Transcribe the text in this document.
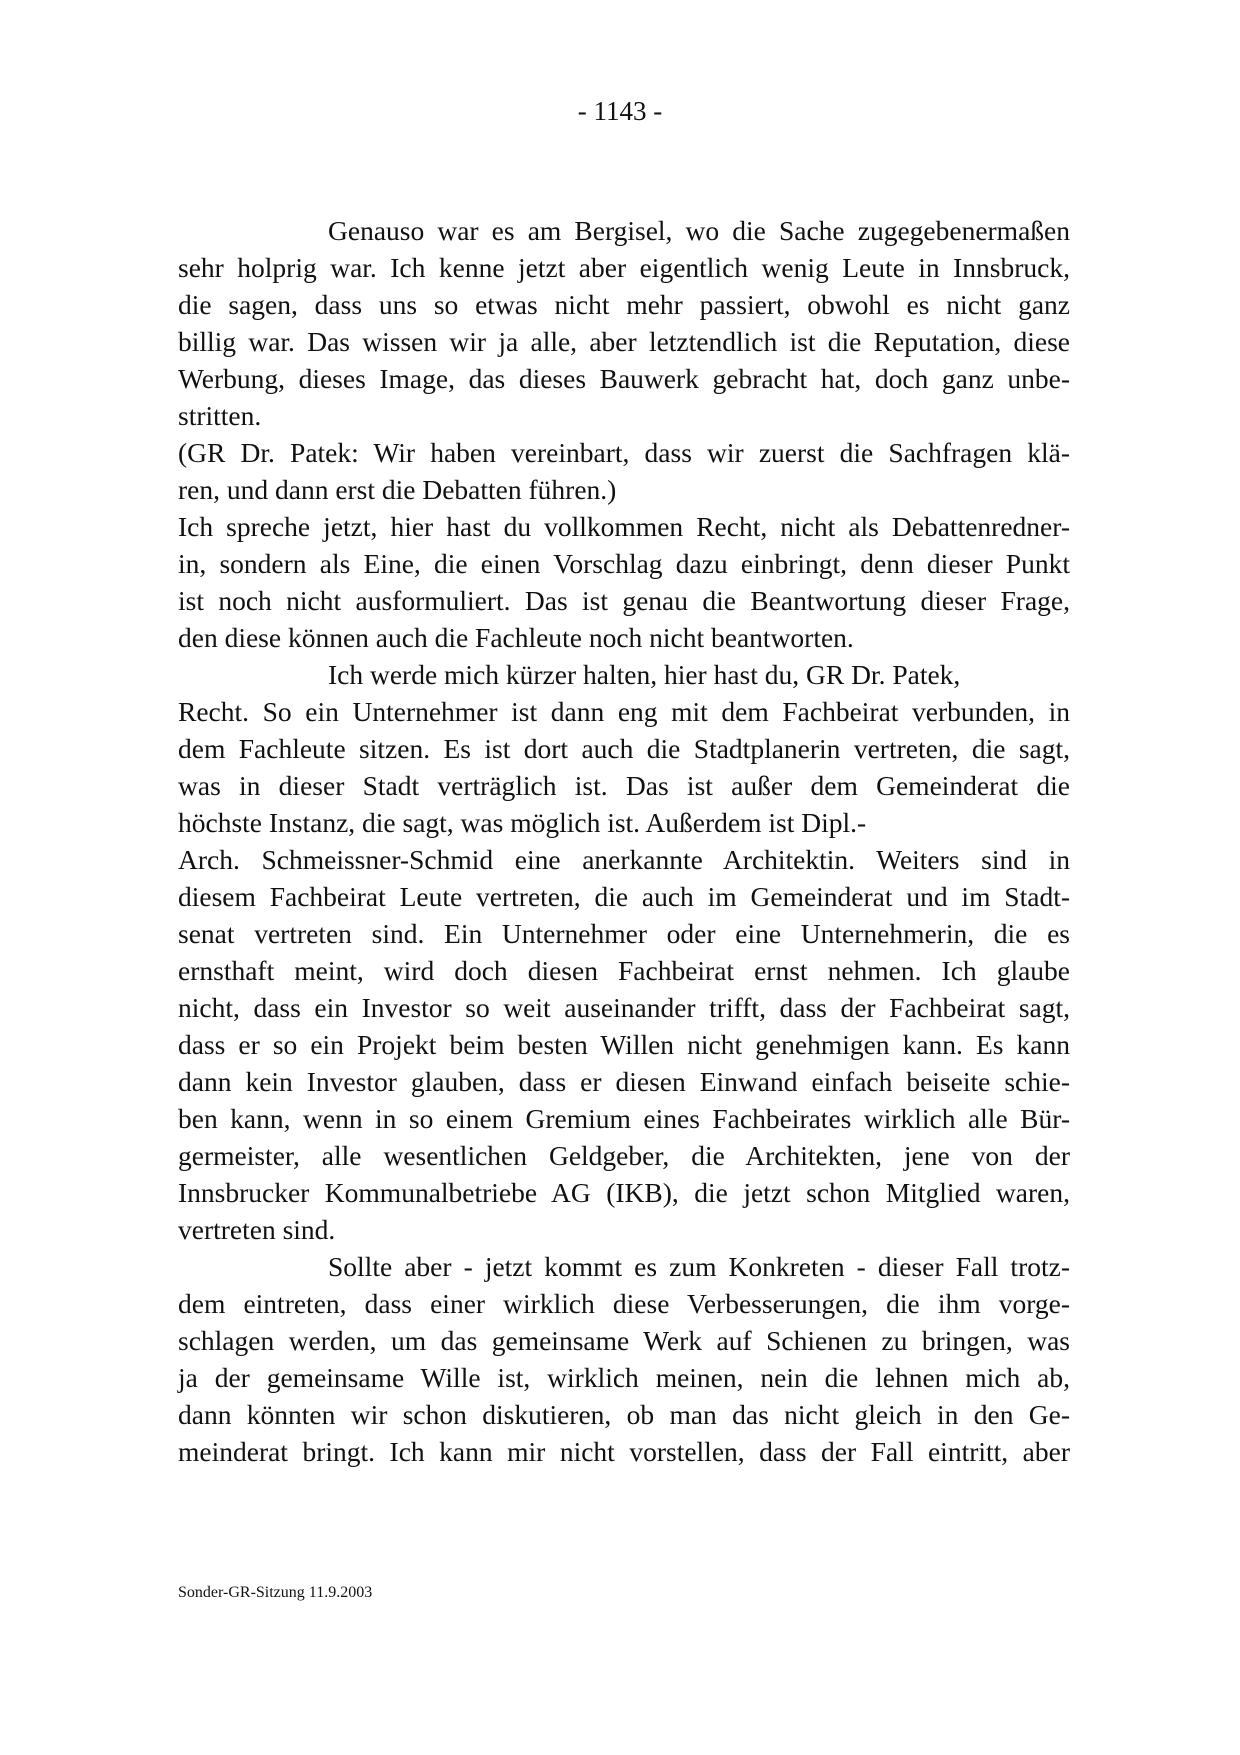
- 1143 -
Genauso war es am Bergisel, wo die Sache zugegebenermaßen
sehr holprig war. Ich kenne jetzt aber eigentlich wenig Leute in Innsbruck,
die sagen, dass uns so etwas nicht mehr passiert, obwohl es nicht ganz
billig war. Das wissen wir ja alle, aber letztendlich ist die Reputation, diese
Werbung, dieses Image, das dieses Bauwerk gebracht hat, doch ganz unbe-
stritten.
(GR Dr. Patek: Wir haben vereinbart, dass wir zuerst die Sachfragen klä-
ren, und dann erst die Debatten führen.)
Ich spreche jetzt, hier hast du vollkommen Recht, nicht als Debattenredner-
in, sondern als Eine, die einen Vorschlag dazu einbringt, denn dieser Punkt
ist noch nicht ausformuliert. Das ist genau die Beantwortung dieser Frage,
den diese können auch die Fachleute noch nicht beantworten.
Ich werde mich kürzer halten, hier hast du, GR Dr. Patek,
Recht. So ein Unternehmer ist dann eng mit dem Fachbeirat verbunden, in
dem Fachleute sitzen. Es ist dort auch die Stadtplanerin vertreten, die sagt,
was in dieser Stadt verträglich ist. Das ist außer dem Gemeinderat die
höchste Instanz, die sagt, was möglich ist. Außerdem ist Dipl.-
Arch. Schmeissner-Schmid eine anerkannte Architektin. Weiters sind in
diesem Fachbeirat Leute vertreten, die auch im Gemeinderat und im Stadt-
senat vertreten sind. Ein Unternehmer oder eine Unternehmerin, die es
ernsthaft meint, wird doch diesen Fachbeirat ernst nehmen. Ich glaube
nicht, dass ein Investor so weit auseinander trifft, dass der Fachbeirat sagt,
dass er so ein Projekt beim besten Willen nicht genehmigen kann. Es kann
dann kein Investor glauben, dass er diesen Einwand einfach beiseite schie-
ben kann, wenn in so einem Gremium eines Fachbeirates wirklich alle Bür-
germeister, alle wesentlichen Geldgeber, die Architekten, jene von der
Innsbrucker Kommunalbetriebe AG (IKB), die jetzt schon Mitglied waren,
vertreten sind.
Sollte aber - jetzt kommt es zum Konkreten - dieser Fall trotz-
dem eintreten, dass einer wirklich diese Verbesserungen, die ihm vorge-
schlagen werden, um das gemeinsame Werk auf Schienen zu bringen, was
ja der gemeinsame Wille ist, wirklich meinen, nein die lehnen mich ab,
dann könnten wir schon diskutieren, ob man das nicht gleich in den Ge-
meinderat bringt. Ich kann mir nicht vorstellen, dass der Fall eintritt, aber
Sonder-GR-Sitzung 11.9.2003
